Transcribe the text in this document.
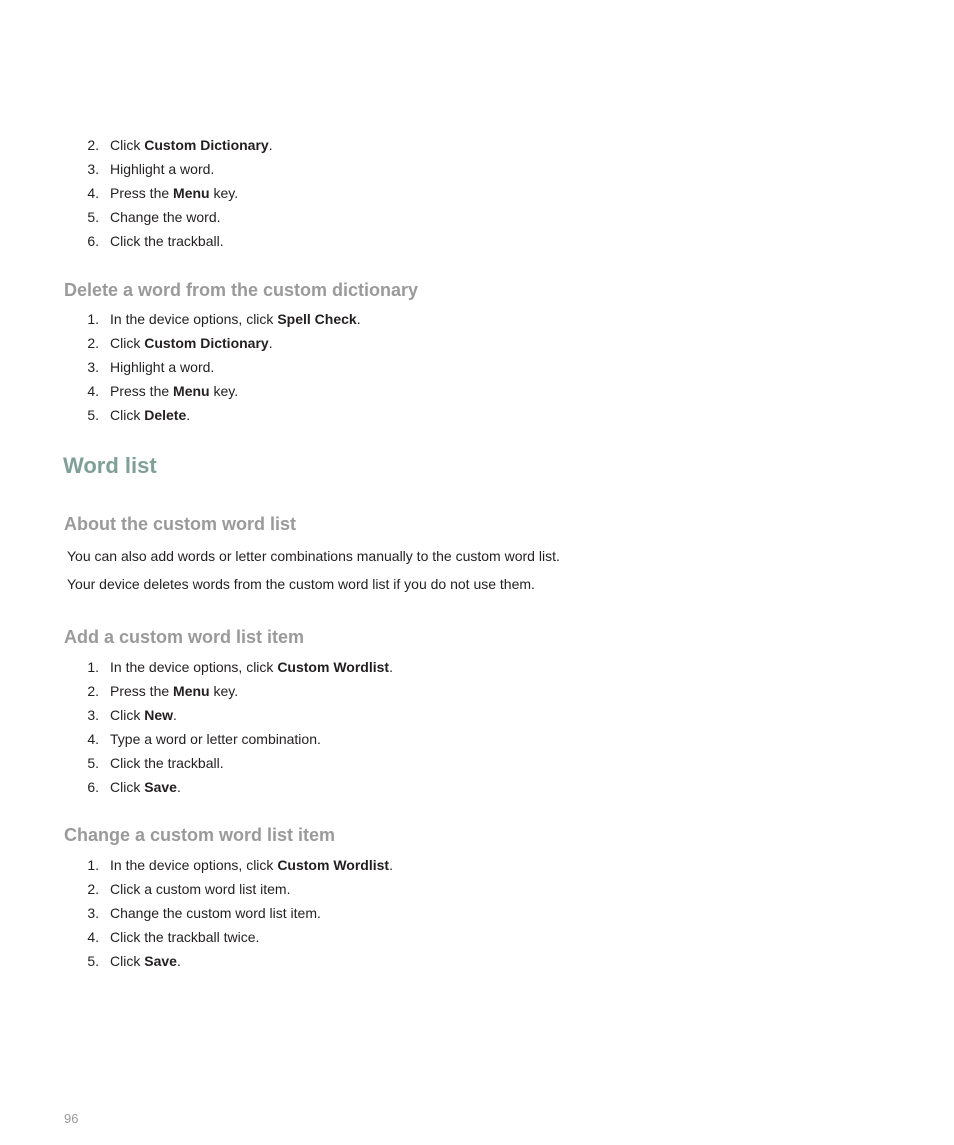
2. Click Custom Dictionary.
3. Highlight a word.
4. Press the Menu key.
5. Change the word.
6. Click the trackball.
Delete a word from the custom dictionary
1. In the device options, click Spell Check.
2. Click Custom Dictionary.
3. Highlight a word.
4. Press the Menu key.
5. Click Delete.
Word list
About the custom word list

You can also add words or letter combinations manually to the custom word list.

Your device deletes words from the custom word list if you do not use them.

Add a custom word list item
1. In the device options, click Custom Wordlist.
2. Press the Menu key.
3. Click New.
4. Type a word or letter combination.
5. Click the trackball.
6. Click Save.
Change a custom word list item
1. In the device options, click Custom Wordlist.
2. Click a custom word list item.
3. Change the custom word list item.
4. Click the trackball twice.
5. Click Save.
96
